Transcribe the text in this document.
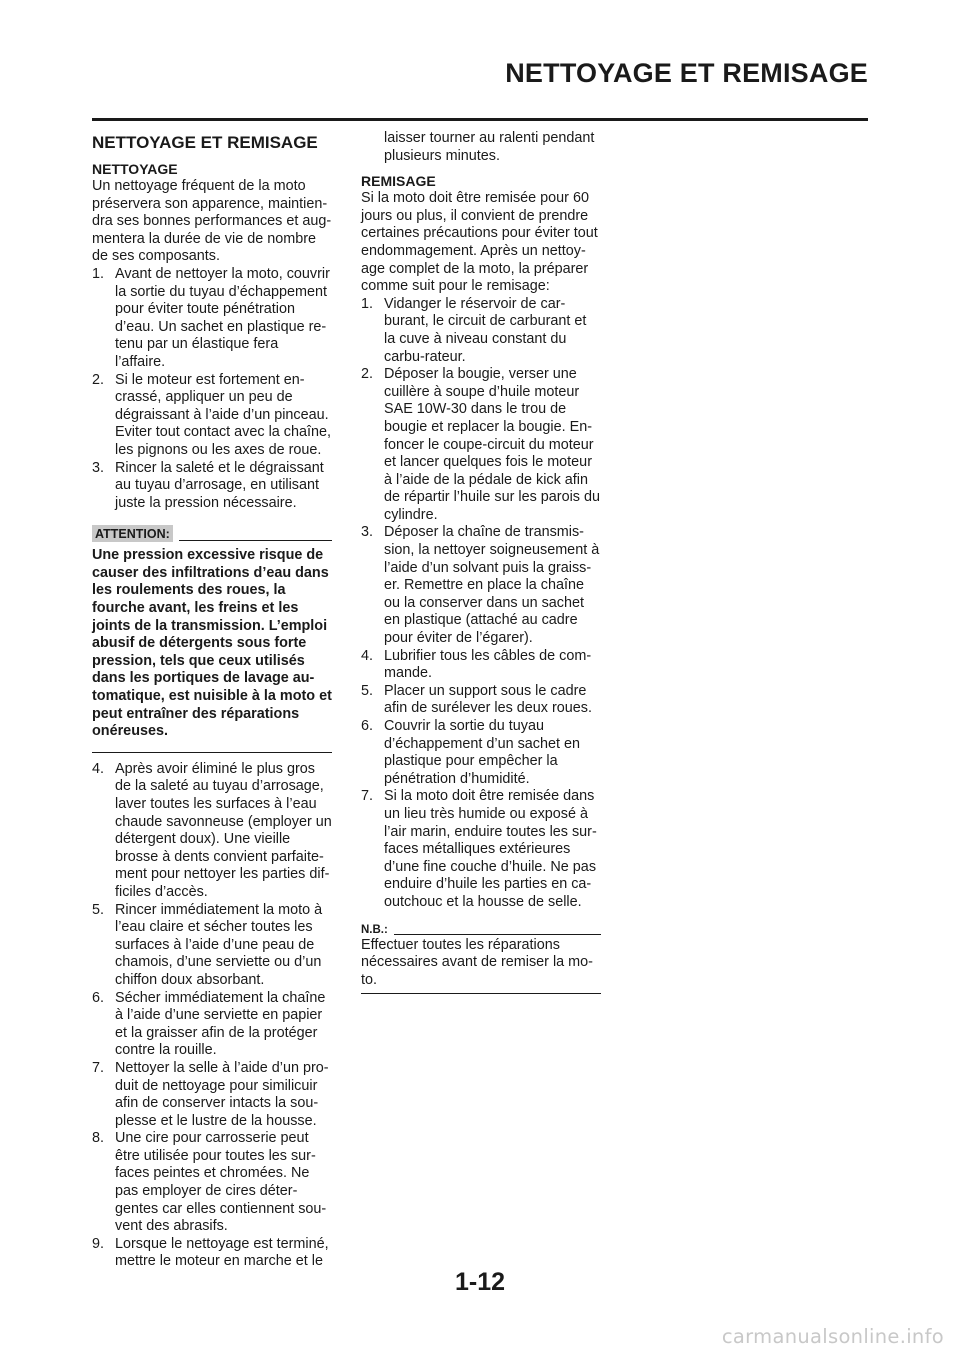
NETTOYAGE ET REMISAGE
NETTOYAGE ET REMISAGE
NETTOYAGE

Un nettoyage fréquent de la moto préservera son apparence, maintien-dra ses bonnes performances et aug-mentera la durée de vie de nombre de ses composants.

1. Avant de nettoyer la moto, couvrir la sortie du tuyau d’échappement pour éviter toute pénétration d’eau. Un sachet en plastique re-tenu par un élastique fera l’affaire.
2. Si le moteur est fortement en-crassé, appliquer un peu de dégraissant à l’aide d’un pinceau. Eviter tout contact avec la chaîne, les pignons ou les axes de roue.
3. Rincer la saleté et le dégraissant au tuyau d’arrosage, en utilisant juste la pression nécessaire.
ATTENTION:
Une pression excessive risque de causer des infiltrations d’eau dans les roulements des roues, la fourche avant, les freins et les joints de la transmission. L’emploi abusif de détergents sous forte pression, tels que ceux utilisés dans les portiques de lavage au-tomatique, est nuisible à la moto et peut entraîner des réparations onéreuses.
4. Après avoir éliminé le plus gros de la saleté au tuyau d’arrosage, laver toutes les surfaces à l’eau chaude savonneuse (employer un détergent doux). Une vieille brosse à dents convient parfaite-ment pour nettoyer les parties dif-ficiles d’accès.
5. Rincer immédiatement la moto à l’eau claire et sécher toutes les surfaces à l’aide d’une peau de chamois, d’une serviette ou d’un chiffon doux absorbant.
6. Sécher immédiatement la chaîne à l’aide d’une serviette en papier et la graisser afin de la protéger contre la rouille.
7. Nettoyer la selle à l’aide d’un pro-duit de nettoyage pour similicuir afin de conserver intacts la sou-plesse et le lustre de la housse.
8. Une cire pour carrosserie peut être utilisée pour toutes les sur-faces peintes et chromées. Ne pas employer de cires déter-gentes car elles contiennent sou-vent des abrasifs.
9. Lorsque le nettoyage est terminé, mettre le moteur en marche et le

laisser tourner au ralenti pendant plusieurs minutes.

REMISAGE

Si la moto doit être remisée pour 60 jours ou plus, il convient de prendre certaines précautions pour éviter tout endommagement. Après un nettoy-age complet de la moto, la préparer comme suit pour le remisage:

1. Vidanger le réservoir de car-burant, le circuit de carburant et la cuve à niveau constant du carbu-rateur.
2. Déposer la bougie, verser une cuillère à soupe d’huile moteur SAE 10W-30 dans le trou de bougie et replacer la bougie. En-foncer le coupe-circuit du moteur et lancer quelques fois le moteur à l’aide de la pédale de kick afin de répartir l’huile sur les parois du cylindre.
3. Déposer la chaîne de transmis-sion, la nettoyer soigneusement à l’aide d’un solvant puis la graiss-er. Remettre en place la chaîne ou la conserver dans un sachet en plastique (attaché au cadre pour éviter de l’égarer).
4. Lubrifier tous les câbles de com-mande.
5. Placer un support sous le cadre afin de surélever les deux roues.
6. Couvrir la sortie du tuyau d’échappement d’un sachet en plastique pour empêcher la pénétration d’humidité.
7. Si la moto doit être remisée dans un lieu très humide ou exposé à l’air marin, enduire toutes les sur-faces métalliques extérieures d’une fine couche d’huile. Ne pas enduire d’huile les parties en ca-outchouc et la housse de selle.
N.B.:

Effectuer toutes les réparations nécessaires avant de remiser la mo-to.

1-12
carmanualsonline.info
